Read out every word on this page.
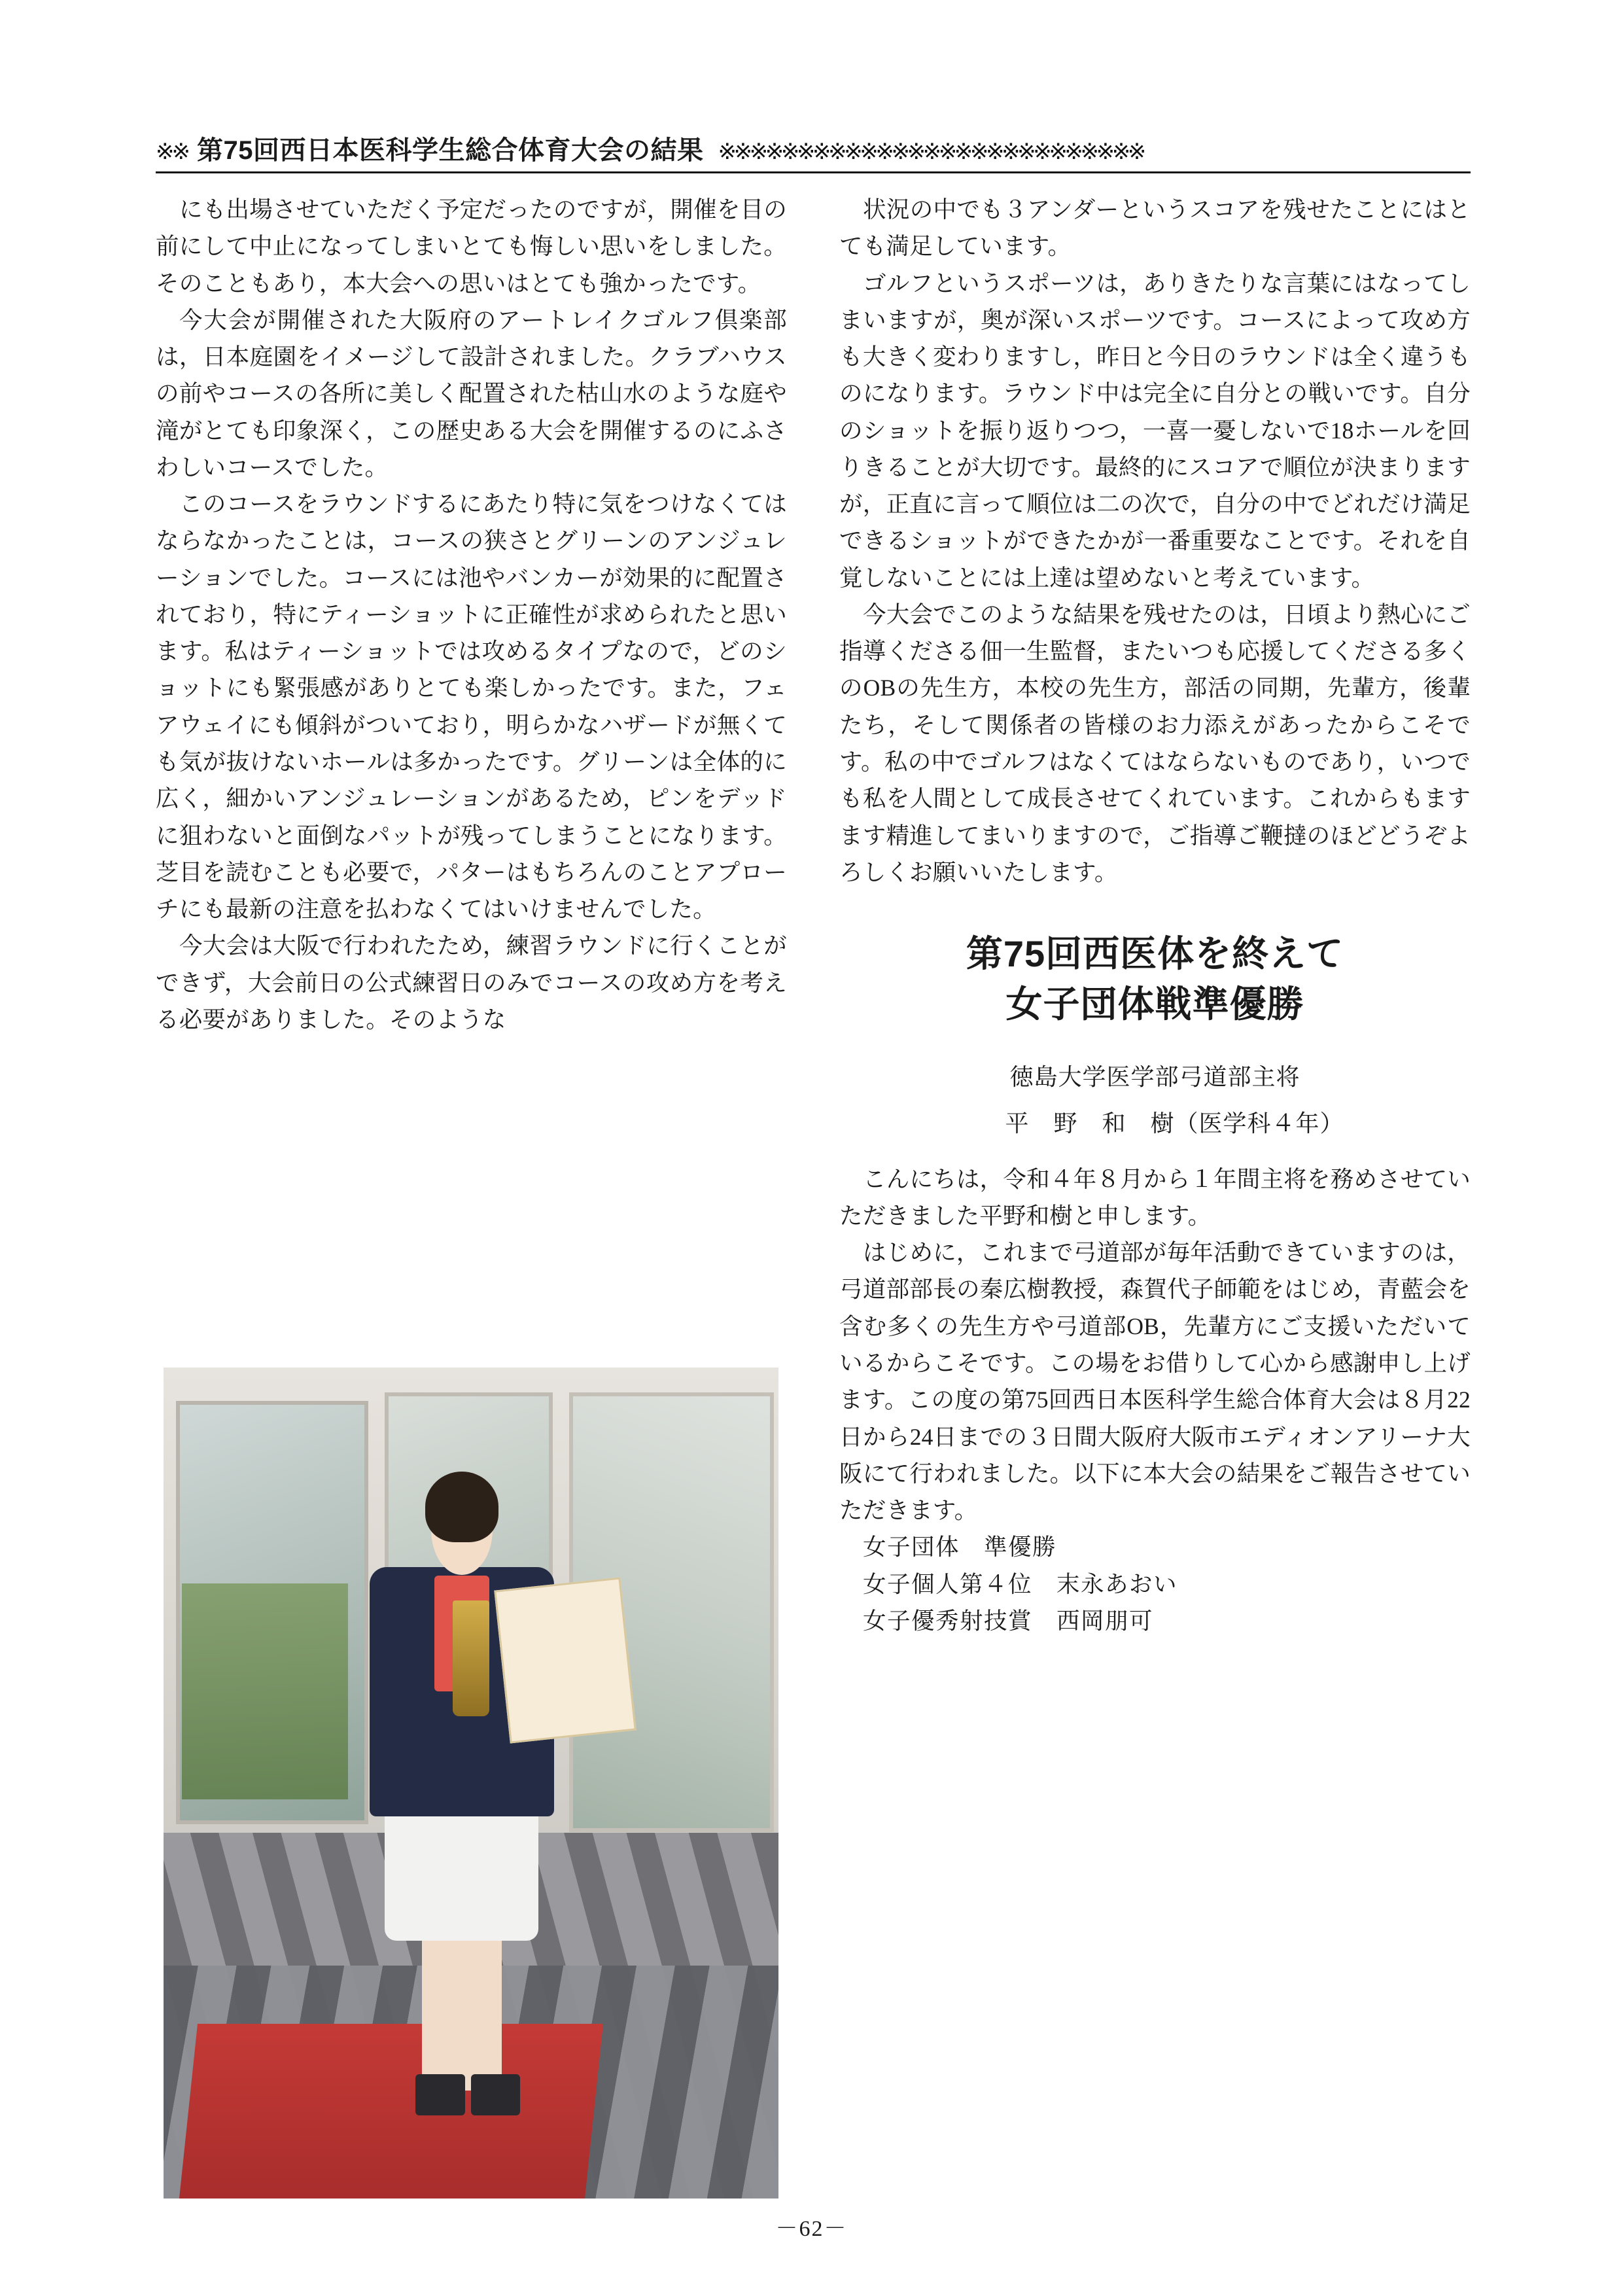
※※ 第75回西日本医科学生総合体育大会の結果 ※※※※※※※※※※※※※※※※※※※※※※※※※※※

にも出場させていただく予定だったのですが，開催を目の前にして中止になってしまいとても悔しい思いをしました。そのこともあり，本大会への思いはとても強かったです。

今大会が開催された大阪府のアートレイクゴルフ倶楽部は，日本庭園をイメージして設計されました。クラブハウスの前やコースの各所に美しく配置された枯山水のような庭や滝がとても印象深く，この歴史ある大会を開催するのにふさわしいコースでした。

このコースをラウンドするにあたり特に気をつけなくてはならなかったことは，コースの狭さとグリーンのアンジュレーションでした。コースには池やバンカーが効果的に配置されており，特にティーショットに正確性が求められたと思います。私はティーショットでは攻めるタイプなので，どのショットにも緊張感がありとても楽しかったです。また，フェアウェイにも傾斜がついており，明らかなハザードが無くても気が抜けないホールは多かったです。グリーンは全体的に広く，細かいアンジュレーションがあるため，ピンをデッドに狙わないと面倒なパットが残ってしまうことになります。芝目を読むことも必要で，パターはもちろんのことアプローチにも最新の注意を払わなくてはいけませんでした。

今大会は大阪で行われたため，練習ラウンドに行くことができず，大会前日の公式練習日のみでコースの攻め方を考える必要がありました。そのような

状況の中でも３アンダーというスコアを残せたことにはとても満足しています。

ゴルフというスポーツは，ありきたりな言葉にはなってしまいますが，奥が深いスポーツです。コースによって攻め方も大きく変わりますし，昨日と今日のラウンドは全く違うものになります。ラウンド中は完全に自分との戦いです。自分のショットを振り返りつつ，一喜一憂しないで18ホールを回りきることが大切です。最終的にスコアで順位が決まりますが，正直に言って順位は二の次で，自分の中でどれだけ満足できるショットができたかが一番重要なことです。それを自覚しないことには上達は望めないと考えています。

今大会でこのような結果を残せたのは，日頃より熱心にご指導くださる佃一生監督，またいつも応援してくださる多くのOBの先生方，本校の先生方，部活の同期，先輩方，後輩たち，そして関係者の皆様のお力添えがあったからこそです。私の中でゴルフはなくてはならないものであり，いつでも私を人間として成長させてくれています。これからもますます精進してまいりますので，ご指導ご鞭撻のほどどうぞよろしくお願いいたします。

第75回西医体を終えて
女子団体戦準優勝
徳島大学医学部弓道部主将
平　野　和　樹（医学科４年）

こんにちは，令和４年８月から１年間主将を務めさせていただきました平野和樹と申します。

はじめに，これまで弓道部が毎年活動できていますのは，弓道部部長の秦広樹教授，森賀代子師範をはじめ，青藍会を含む多くの先生方や弓道部OB，先輩方にご支援いただいているからこそです。この場をお借りして心から感謝申し上げます。この度の第75回西日本医科学生総合体育大会は８月22日から24日までの３日間大阪府大阪市エディオンアリーナ大阪にて行われました。以下に本大会の結果をご報告させていただきます。

女子団体　準優勝

女子個人第４位　末永あおい

女子優秀射技賞　西岡朋可

－62－
